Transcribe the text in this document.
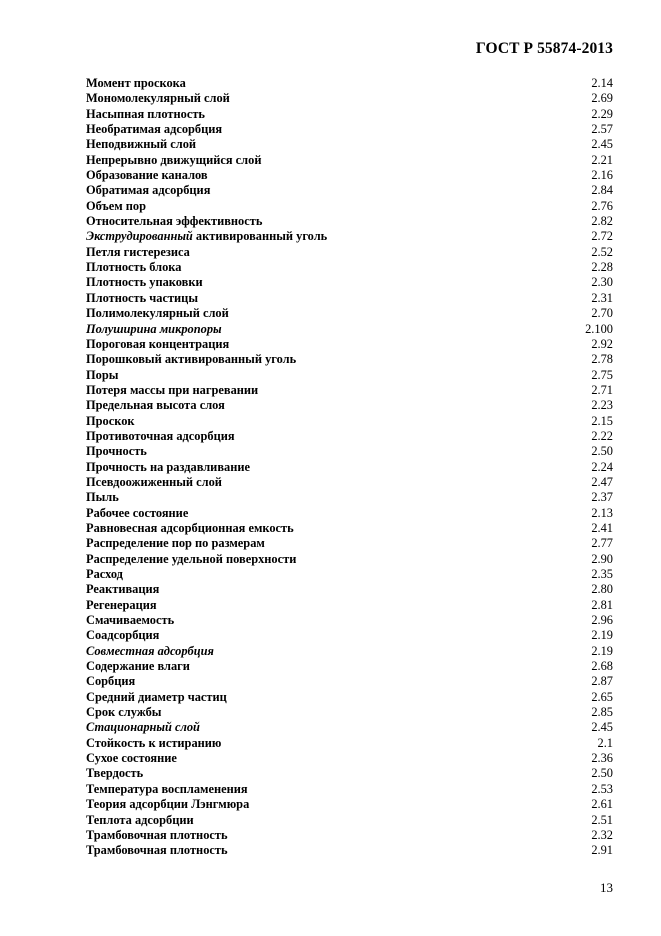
ГОСТ Р 55874-2013
Момент проскока	2.14
Мономолекулярный слой	2.69
Насыпная плотность	2.29
Необратимая адсорбция	2.57
Неподвижный слой	2.45
Непрерывно движущийся слой	2.21
Образование каналов	2.16
Обратимая адсорбция	2.84
Объем пор	2.76
Относительная эффективность	2.82
Экструдированный активированный уголь	2.72
Петля гистерезиса	2.52
Плотность блока	2.28
Плотность упаковки	2.30
Плотность частицы	2.31
Полимолекулярный слой	2.70
Полуширина микропоры	2.100
Пороговая концентрация	2.92
Порошковый активированный уголь	2.78
Поры	2.75
Потеря массы при нагревании	2.71
Предельная высота слоя	2.23
Проскок	2.15
Противоточная адсорбция	2.22
Прочность	2.50
Прочность на раздавливание	2.24
Псевдоожиженный слой	2.47
Пыль	2.37
Рабочее состояние	2.13
Равновесная адсорбционная емкость	2.41
Распределение пор по размерам	2.77
Распределение удельной поверхности	2.90
Расход	2.35
Реактивация	2.80
Регенерация	2.81
Смачиваемость	2.96
Соадсорбция	2.19
Совместная адсорбция	2.19
Содержание влаги	2.68
Сорбция	2.87
Средний диаметр частиц	2.65
Срок службы	2.85
Стационарный слой	2.45
Стойкость к истиранию	2.1
Сухое состояние	2.36
Твердость	2.50
Температура воспламенения	2.53
Теория адсорбции Лэнгмюра	2.61
Теплота адсорбции	2.51
Трамбовочная плотность	2.32
Трамбовочная плотность	2.91
13
